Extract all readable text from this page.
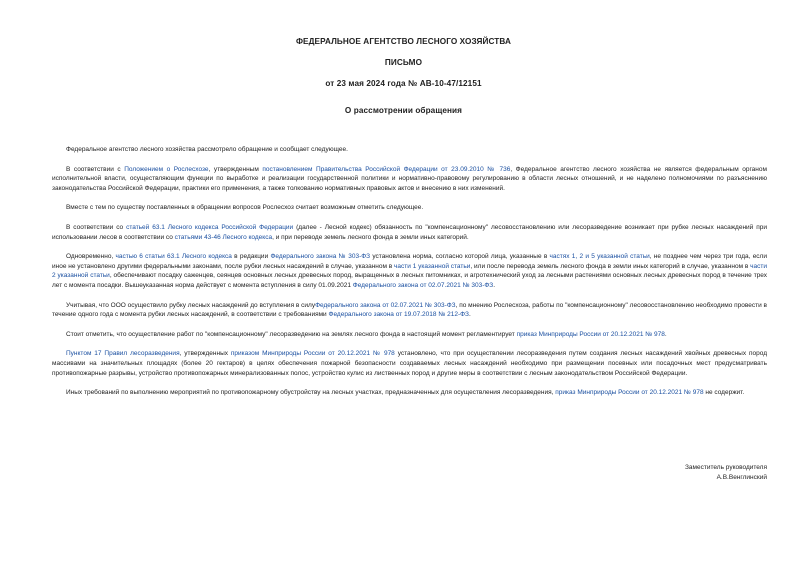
ФЕДЕРАЛЬНОЕ АГЕНТСТВО ЛЕСНОГО ХОЗЯЙСТВА
ПИСЬМО
от 23 мая 2024 года № АВ-10-47/12151
О рассмотрении обращения

Федеральное агентство лесного хозяйства рассмотрело обращение и сообщает следующее.

В соответствии с Положением о Рослесхозе, утвержденным постановлением Правительства Российской Федерации от 23.09.2010 № 736, Федеральное агентство лесного хозяйства не является федеральным органом исполнительной власти, осуществляющим функции по выработке и реализации государственной политики и нормативно-правовому регулированию в области лесных отношений, и не наделено полномочиями по разъяснению законодательства Российской Федерации, практики его применения, а также толкованию нормативных правовых актов и внесению в них изменений.

Вместе с тем по существу поставленных в обращении вопросов Рослесхоз считает возможным отметить следующее.

В соответствии со статьей 63.1 Лесного кодекса Российской Федерации (далее - Лесной кодекс) обязанность по "компенсационному" лесовосстановлению или лесоразведение возникает при рубке лесных насаждений при использовании лесов в соответствии со статьями 43-46 Лесного кодекса, и при переводе земель лесного фонда в земли иных категорий.

Одновременно, частью 6 статьи 63.1 Лесного кодекса в редакции Федерального закона № 303-ФЗ установлена норма, согласно которой лица, указанные в частях 1, 2 и 5 указанной статьи, не позднее чем через три года, если иное не установлено другими федеральными законами, после рубки лесных насаждений в случае, указанном в части 1 указанной статьи, или после перевода земель лесного фонда в земли иных категорий в случае, указанном в части 2 указанной статьи, обеспечивают посадку саженцев, сеянцев основных лесных древесных пород, выращенных в лесных питомниках, и агротехнический уход за лесными растениями основных лесных древесных пород в течение трех лет с момента посадки. Вышеуказанная норма действует с момента вступления в силу 01.09.2021 Федерального закона от 02.07.2021 № 303-ФЗ.

Учитывая, что ООО осуществило рубку лесных насаждений до вступления в силуФедерального закона от 02.07.2021 № 303-ФЗ, по мнению Рослесхоза, работы по "компенсационному" лесовосстановлению необходимо провести в течение одного года с момента рубки лесных насаждений, в соответствии с требованиями Федерального закона от 19.07.2018 № 212-ФЗ.

Стоит отметить, что осуществление работ по "компенсационному" лесоразведению на землях лесного фонда в настоящий момент регламентирует приказ Минприроды России от 20.12.2021 № 978.

Пунктом 17 Правил лесоразведения, утвержденных приказом Минприроды России от 20.12.2021 № 978 установлено, что при осуществлении лесоразведения путем создания лесных насаждений хвойных древесных пород массивами на значительных площадях (более 20 гектаров) в целях обеспечения пожарной безопасности создаваемых лесных насаждений необходимо при размещении посевных или посадочных мест предусматривать противопожарные разрывы, устройство противопожарных минерализованных полос, устройство кулис из лиственных пород и другие меры в соответствии с лесным законодательством Российской Федерации.

Иных требований по выполнению мероприятий по противопожарному обустройству на лесных участках, предназначенных для осуществления лесоразведения, приказ Минприроды России от 20.12.2021 № 978 не содержит.

Заместитель руководителя
А.В.Венглинский
